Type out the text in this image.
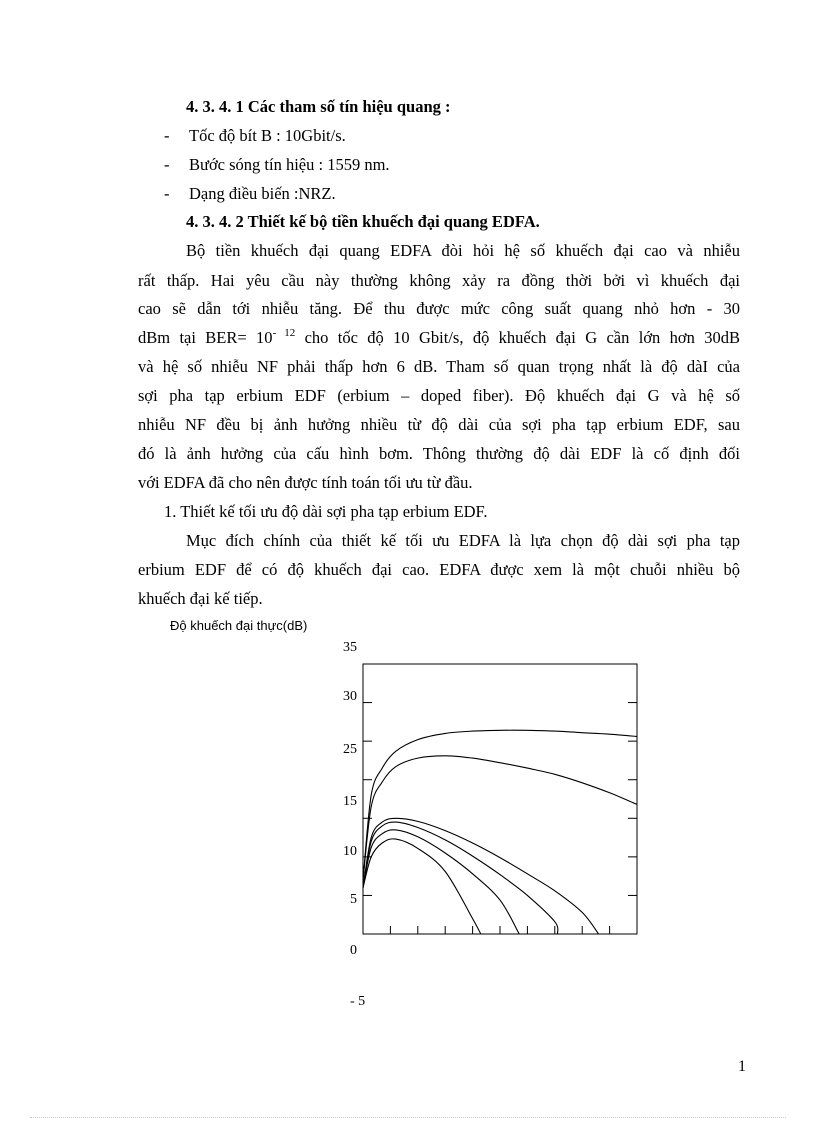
4. 3. 4. 1 Các tham số tín hiệu quang :
- Tốc độ bít B : 10Gbit/s.
- Bước sóng tín hiệu : 1559 nm.
- Dạng điều biến :NRZ.
4. 3. 4. 2 Thiết kế bộ tiền khuếch đại quang EDFA.
Bộ tiền khuếch đại quang EDFA đòi hỏi hệ số khuếch đại cao và nhiễu
rất thấp. Hai yêu cầu này thường không xảy ra đồng thời bởi vì khuếch đại
cao sẽ dẫn tới nhiễu tăng. Để thu được mức công suất quang nhỏ hơn - 30
dBm tại $BER= 10^{- 12}$ cho tốc độ 10 Gbit/s, độ khuếch đại G cần lớn hơn 30dB
và hệ số nhiễu NF phải thấp hơn 6 dB. Tham số quan trọng nhất là độ dàI của
sợi pha tạp erbium EDF (erbium – doped fiber). Độ khuếch đại G và hệ số
nhiễu NF đều bị ảnh hưởng nhiều từ độ dài của sợi pha tạp erbium EDF, sau
đó là ảnh hưởng của cấu hình bơm. Thông thường độ dài EDF là cố định đối
với EDFA đã cho nên được tính toán tối ưu từ đầu.
1. Thiết kế tối ưu độ dài sợi pha tạp erbium EDF.
Mục đích chính của thiết kế tối ưu EDFA là lựa chọn độ dài sợi pha tạp
erbium EDF để có độ khuếch đại cao. EDFA được xem là một chuỗi nhiều bộ
khuếch đại kế tiếp.
Độ khuếch đại thực(dB)
35
30
25
15
10
5
0
- 5
1
